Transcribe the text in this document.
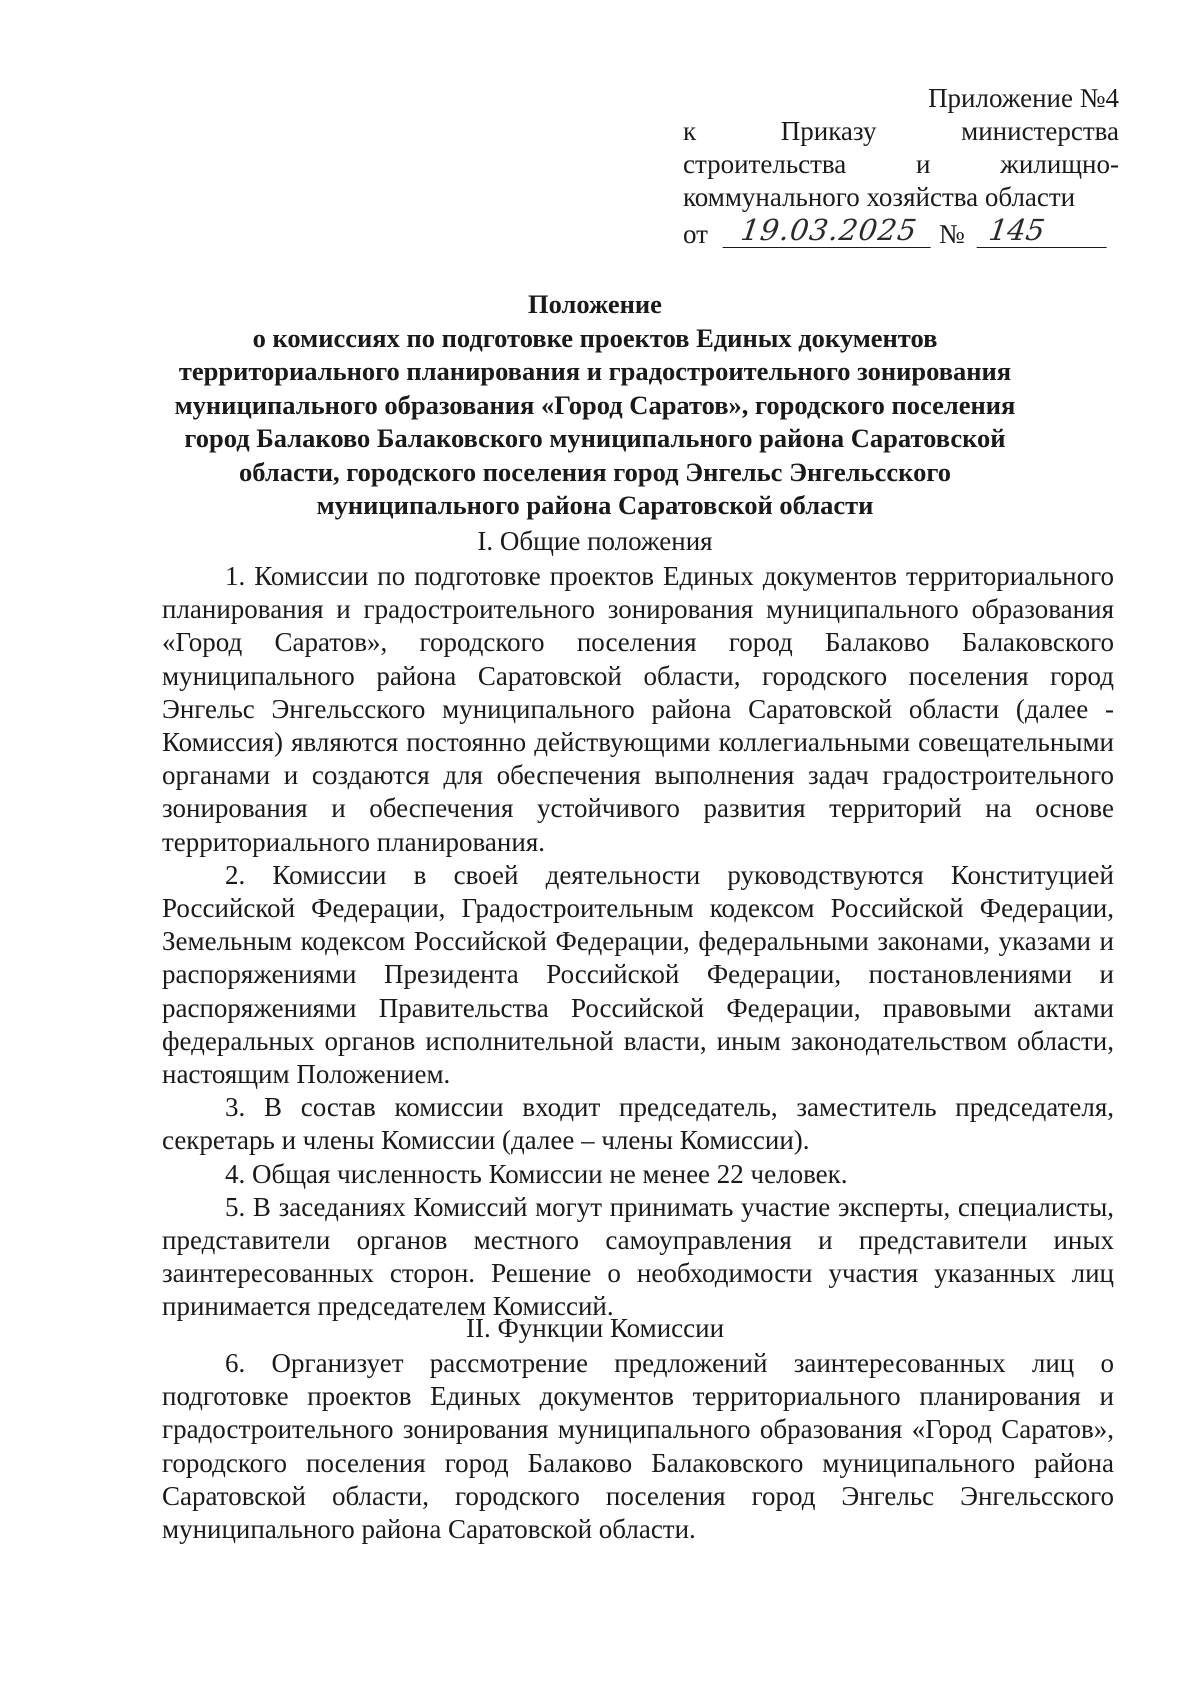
Приложение №4
к Приказу министерства
строительства и жилищно-
коммунального хозяйства области
от	19.03.2025 № 145
Положение
о комиссиях по подготовке проектов Единых документов
территориального планирования и градостроительного зонирования
муниципального образования «Город Саратов», городского поселения
город Балаково Балаковского муниципального района Саратовской
области, городского поселения город Энгельс Энгельсского
муниципального района Саратовской области
I. Общие положения

1. Комиссии по подготовке проектов Единых документов территориального планирования и градостроительного зонирования муниципального образования «Город Саратов», городского поселения город Балаково Балаковского муниципального района Саратовской области, городского поселения город Энгельс Энгельсского муниципального района Саратовской области (далее - Комиссия) являются постоянно действующими коллегиальными совещательными органами и создаются для обеспечения выполнения задач градостроительного зонирования и обеспечения устойчивого развития территорий на основе территориального планирования.

2. Комиссии в своей деятельности руководствуются Конституцией Российской Федерации, Градостроительным кодексом Российской Федерации, Земельным кодексом Российской Федерации, федеральными законами, указами и распоряжениями Президента Российской Федерации, постановлениями и распоряжениями Правительства Российской Федерации, правовыми актами федеральных органов исполнительной власти, иным законодательством области, настоящим Положением.

3. В состав комиссии входит председатель, заместитель председателя, секретарь и члены Комиссии (далее – члены Комиссии).

4. Общая численность Комиссии не менее 22 человек.

5. В заседаниях Комиссий могут принимать участие эксперты, специалисты, представители органов местного самоуправления и представители иных заинтересованных сторон. Решение о необходимости участия указанных лиц принимается председателем Комиссий.

II. Функции Комиссии

6. Организует рассмотрение предложений заинтересованных лиц о подготовке проектов Единых документов территориального планирования и градостроительного зонирования муниципального образования «Город Саратов», городского поселения город Балаково Балаковского муниципального района Саратовской области, городского поселения город Энгельс Энгельсского муниципального района Саратовской области.
